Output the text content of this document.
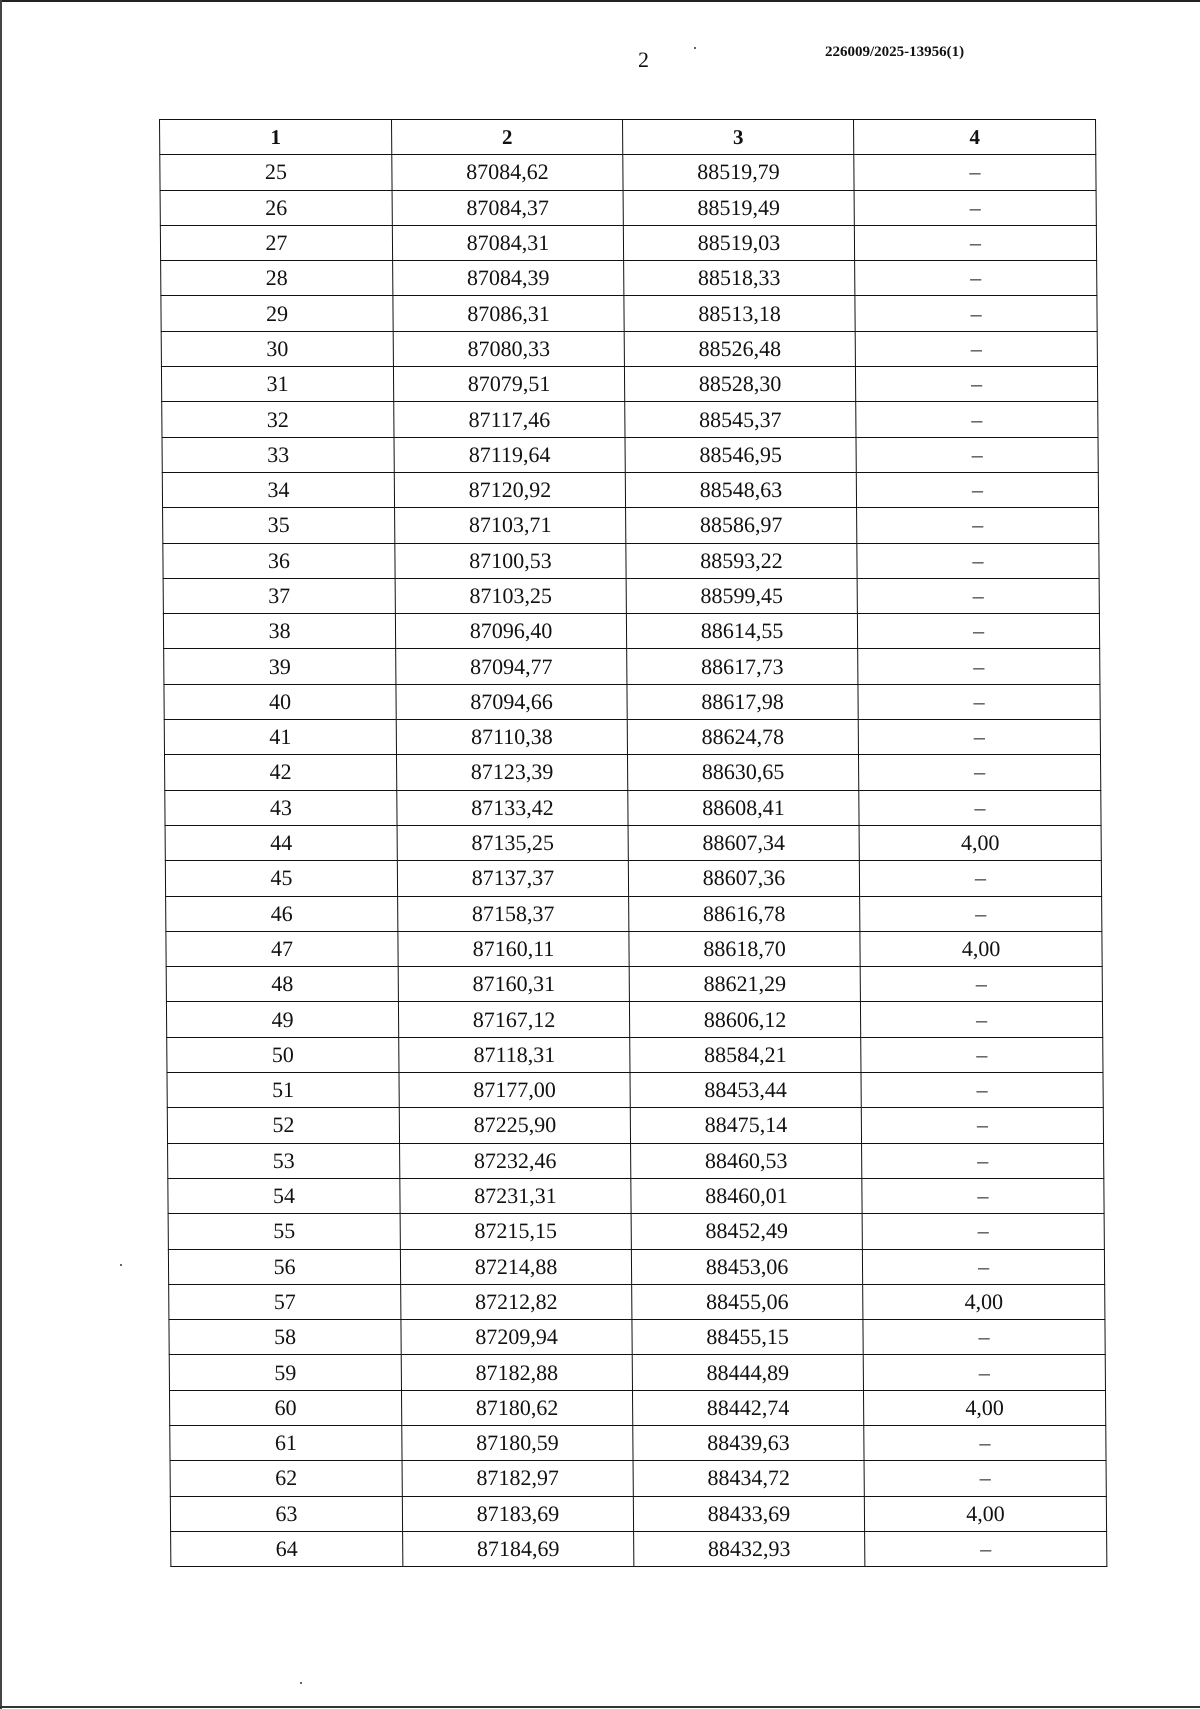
2	226009/2025-13956(1)
1	2	3	4
25	87084,62	88519,79	–
26	87084,37	88519,49	–
27	87084,31	88519,03	–
28	87084,39	88518,33	–
29	87086,31	88513,18	–
30	87080,33	88526,48	–
31	87079,51	88528,30	–
32	87117,46	88545,37	–
33	87119,64	88546,95	–
34	87120,92	88548,63	–
35	87103,71	88586,97	–
36	87100,53	88593,22	–
37	87103,25	88599,45	–
38	87096,40	88614,55	–
39	87094,77	88617,73	–
40	87094,66	88617,98	–
41	87110,38	88624,78	–
42	87123,39	88630,65	–
43	87133,42	88608,41	–
44	87135,25	88607,34	4,00
45	87137,37	88607,36	–
46	87158,37	88616,78	–
47	87160,11	88618,70	4,00
48	87160,31	88621,29	–
49	87167,12	88606,12	–
50	87118,31	88584,21	–
51	87177,00	88453,44	–
52	87225,90	88475,14	–
53	87232,46	88460,53	–
54	87231,31	88460,01	–
55	87215,15	88452,49	–
56	87214,88	88453,06	–
57	87212,82	88455,06	4,00
58	87209,94	88455,15	–
59	87182,88	88444,89	–
60	87180,62	88442,74	4,00
61	87180,59	88439,63	–
62	87182,97	88434,72	–
63	87183,69	88433,69	4,00
64	87184,69	88432,93	–
